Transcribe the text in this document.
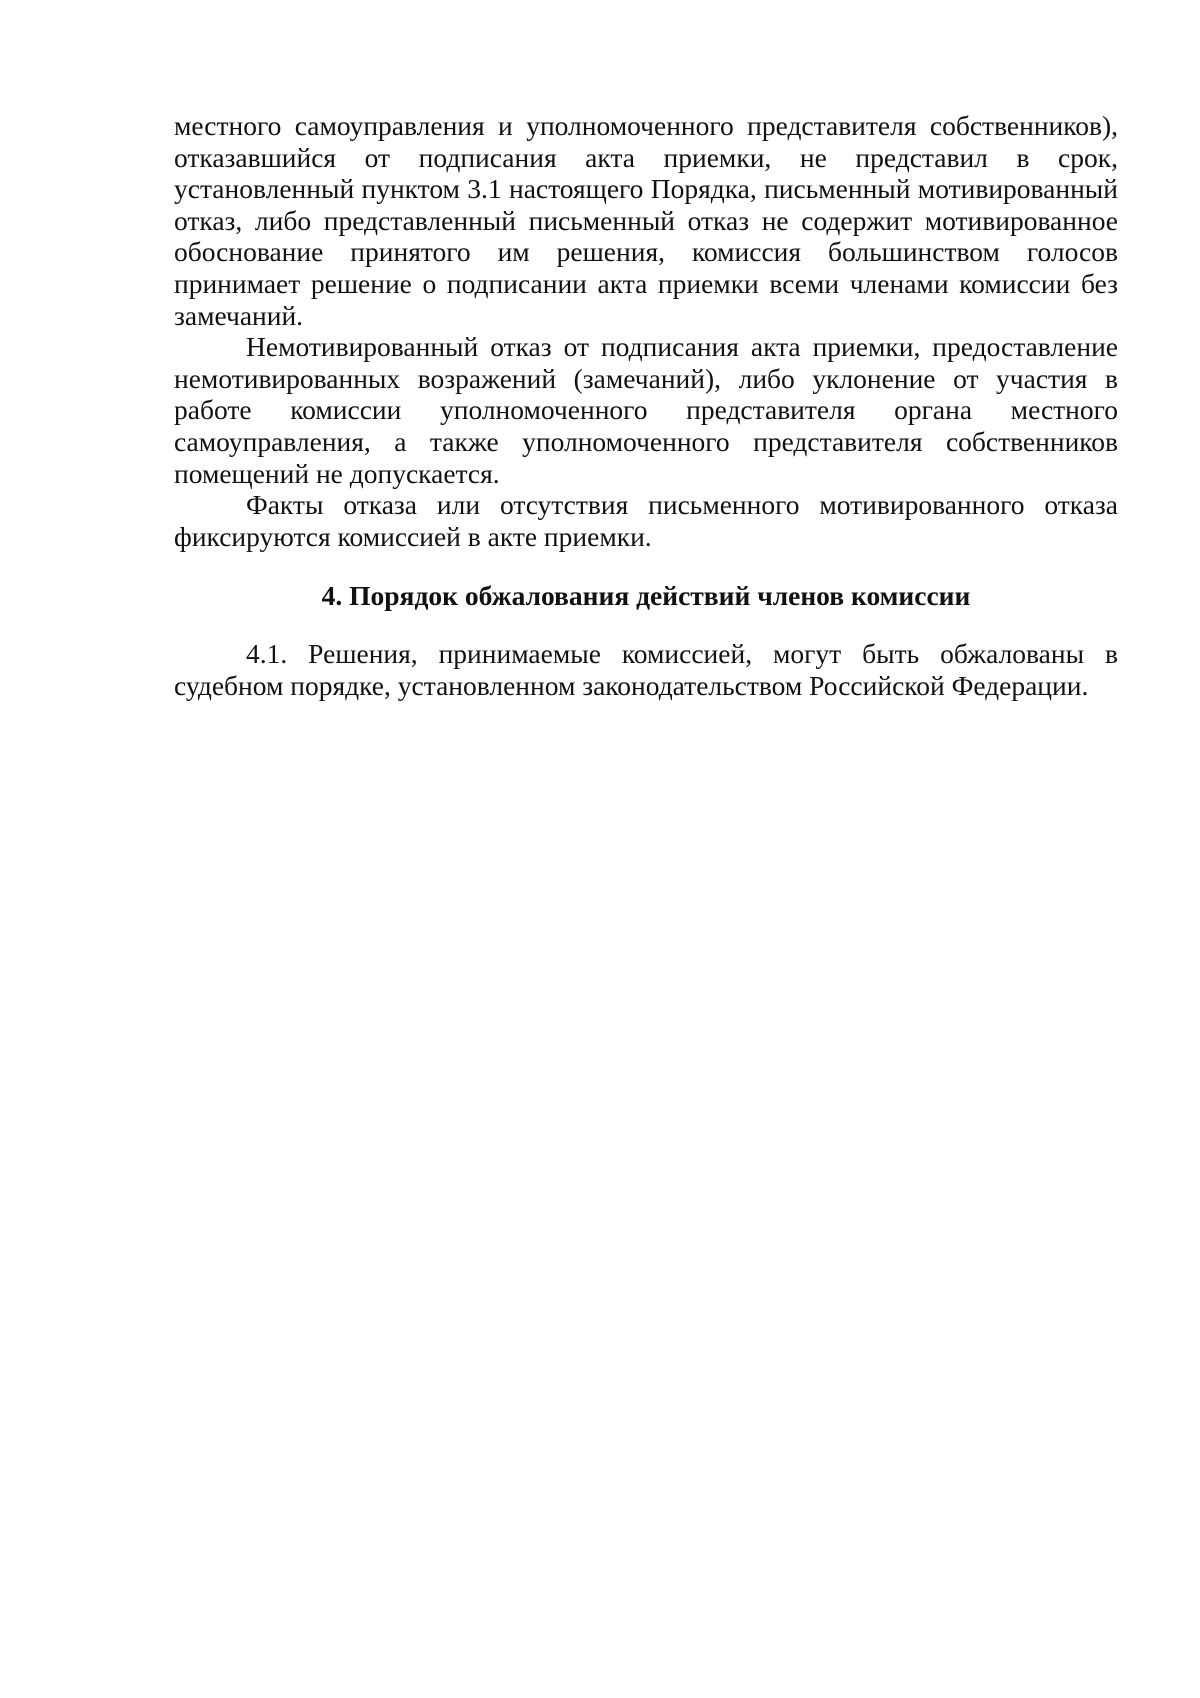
местного самоуправления и уполномоченного представителя собственников), отказавшийся от подписания акта приемки, не представил в срок, установленный пунктом 3.1 настоящего Порядка, письменный мотивированный отказ, либо представленный письменный отказ не содержит мотивированное обоснование принятого им решения, комиссия большинством голосов принимает решение о подписании акта приемки всеми членами комиссии без замечаний.

Немотивированный отказ от подписания акта приемки, предоставление немотивированных возражений (замечаний), либо уклонение от участия в работе комиссии уполномоченного представителя органа местного самоуправления, а также уполномоченного представителя собственников помещений не допускается.

Факты отказа или отсутствия письменного мотивированного отказа фиксируются комиссией в акте приемки.

4. Порядок обжалования действий членов комиссии

4.1. Решения, принимаемые комиссией, могут быть обжалованы в судебном порядке, установленном законодательством Российской Федерации.
